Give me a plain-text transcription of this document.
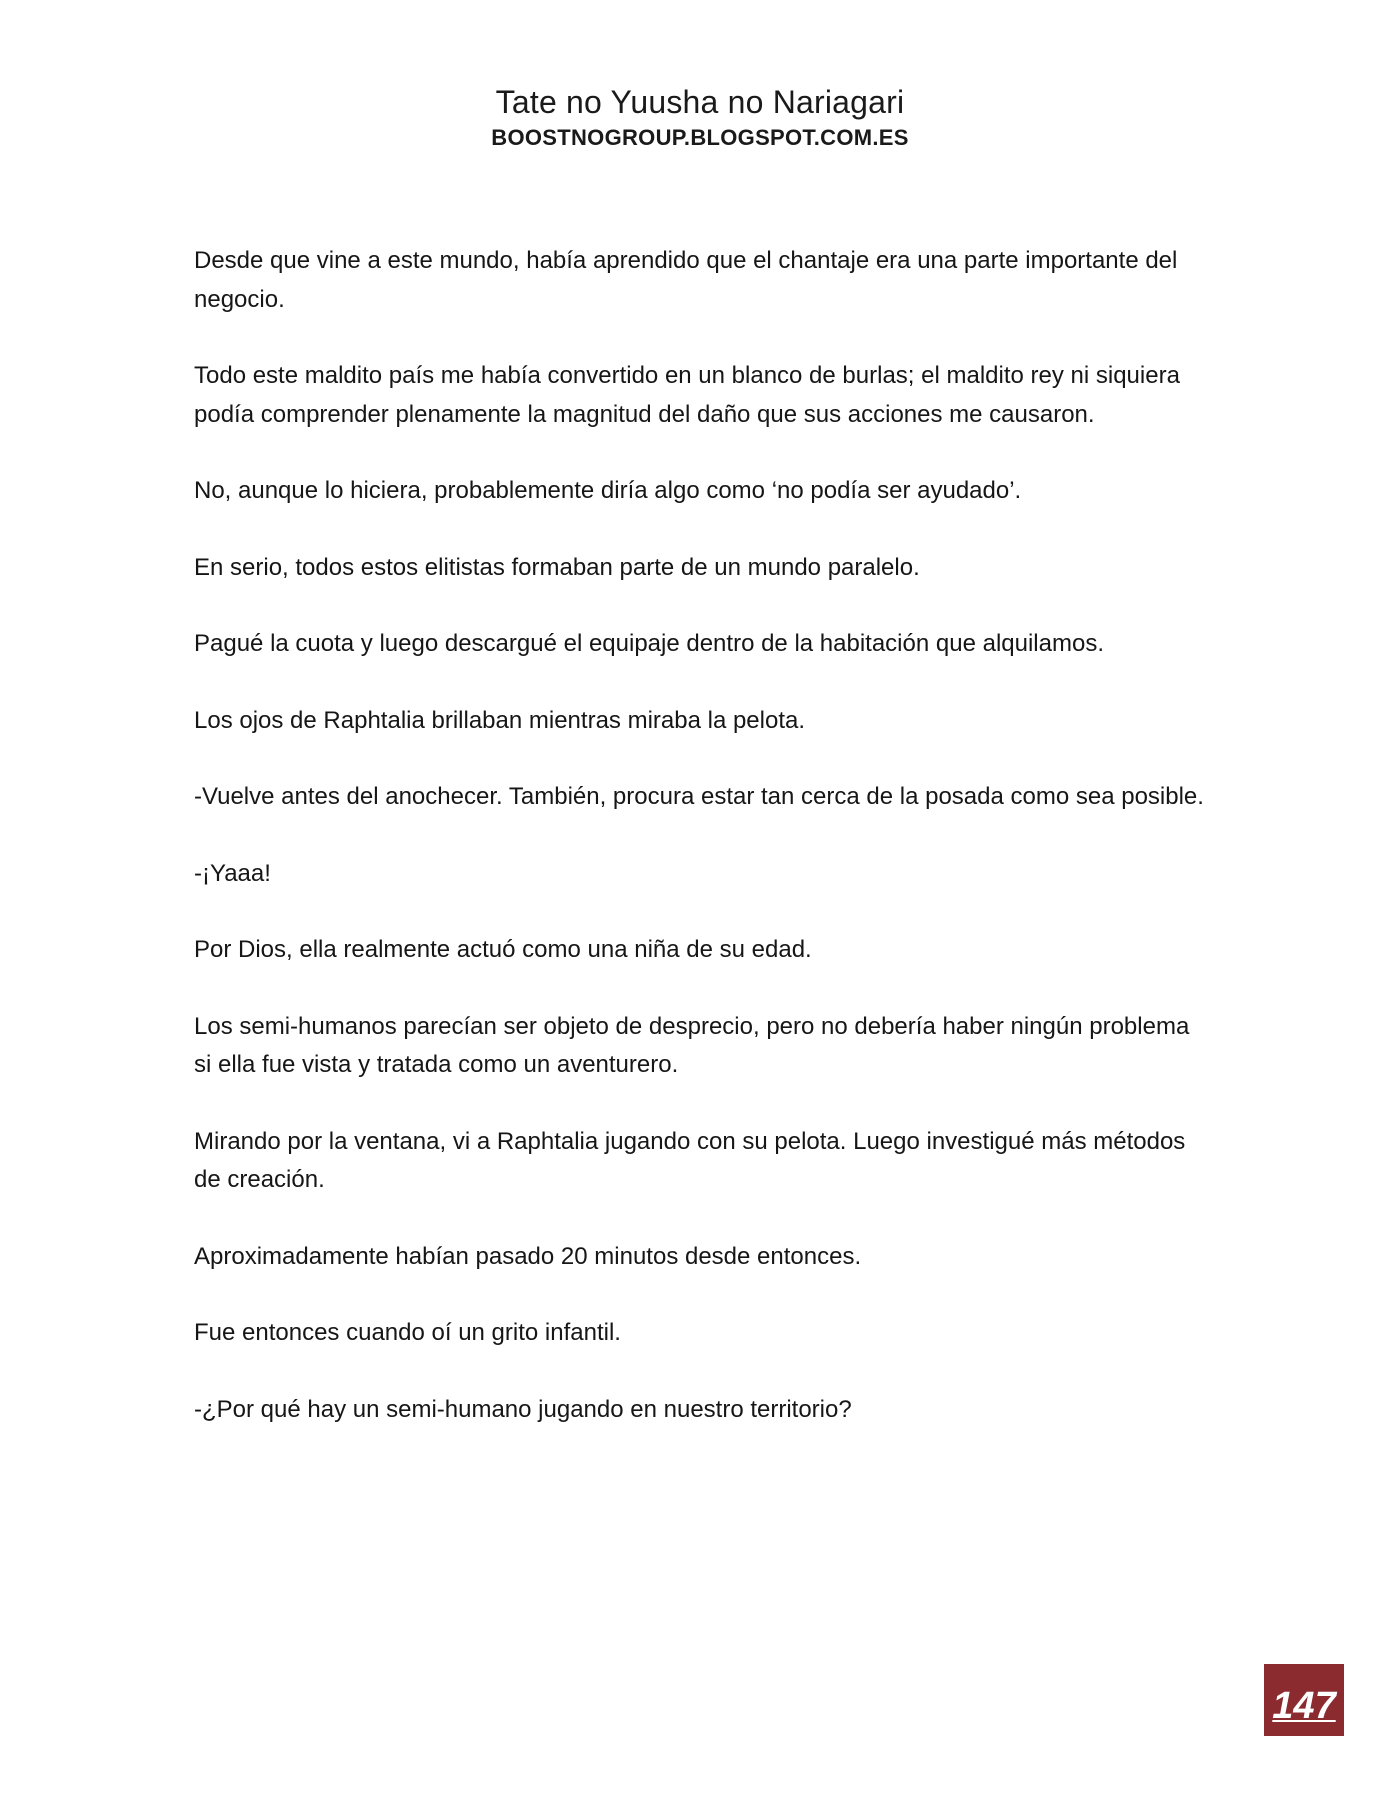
Tate no Yuusha no Nariagari
BOOSTNOGROUP.BLOGSPOT.COM.ES

Desde que vine a este mundo, había aprendido que el chantaje era una parte importante del negocio.

Todo este maldito país me había convertido en un blanco de burlas; el maldito rey ni siquiera podía comprender plenamente la magnitud del daño que sus acciones me causaron.

No, aunque lo hiciera, probablemente diría algo como ‘no podía ser ayudado’.

En serio, todos estos elitistas formaban parte de un mundo paralelo.

Pagué la cuota y luego descargué el equipaje dentro de la habitación que alquilamos.

Los ojos de Raphtalia brillaban mientras miraba la pelota.

-Vuelve antes del anochecer. También, procura estar tan cerca de la posada como sea posible.

-¡Yaaa!

Por Dios, ella realmente actuó como una niña de su edad.

Los semi-humanos parecían ser objeto de desprecio, pero no debería haber ningún problema si ella fue vista y tratada como un aventurero.

Mirando por la ventana, vi a Raphtalia jugando con su pelota. Luego investigué más métodos de creación.

Aproximadamente habían pasado 20 minutos desde entonces.

Fue entonces cuando oí un grito infantil.

-¿Por qué hay un semi-humano jugando en nuestro territorio?

147
